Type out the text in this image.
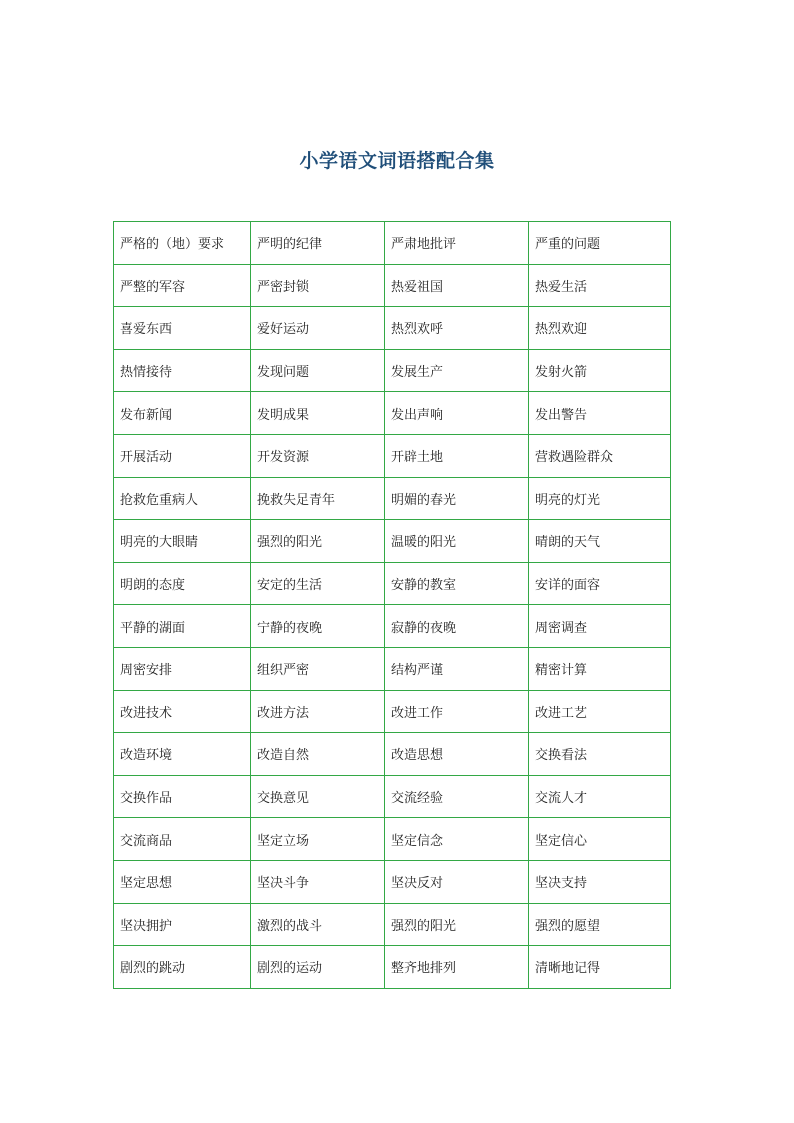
小学语文词语搭配合集
严格的（地）要求	严明的纪律	严肃地批评	严重的问题
严整的军容	严密封锁	热爱祖国	热爱生活
喜爱东西	爱好运动	热烈欢呼	热烈欢迎
热情接待	发现问题	发展生产	发射火箭
发布新闻	发明成果	发出声响	发出警告
开展活动	开发资源	开辟土地	营救遇险群众
抢救危重病人	挽救失足青年	明媚的春光	明亮的灯光
明亮的大眼睛	强烈的阳光	温暖的阳光	晴朗的天气
明朗的态度	安定的生活	安静的教室	安详的面容
平静的湖面	宁静的夜晚	寂静的夜晚	周密调查
周密安排	组织严密	结构严谨	精密计算
改进技术	改进方法	改进工作	改进工艺
改造环境	改造自然	改造思想	交换看法
交换作品	交换意见	交流经验	交流人才
交流商品	坚定立场	坚定信念	坚定信心
坚定思想	坚决斗争	坚决反对	坚决支持
坚决拥护	激烈的战斗	强烈的阳光	强烈的愿望
剧烈的跳动	剧烈的运动	整齐地排列	清晰地记得
